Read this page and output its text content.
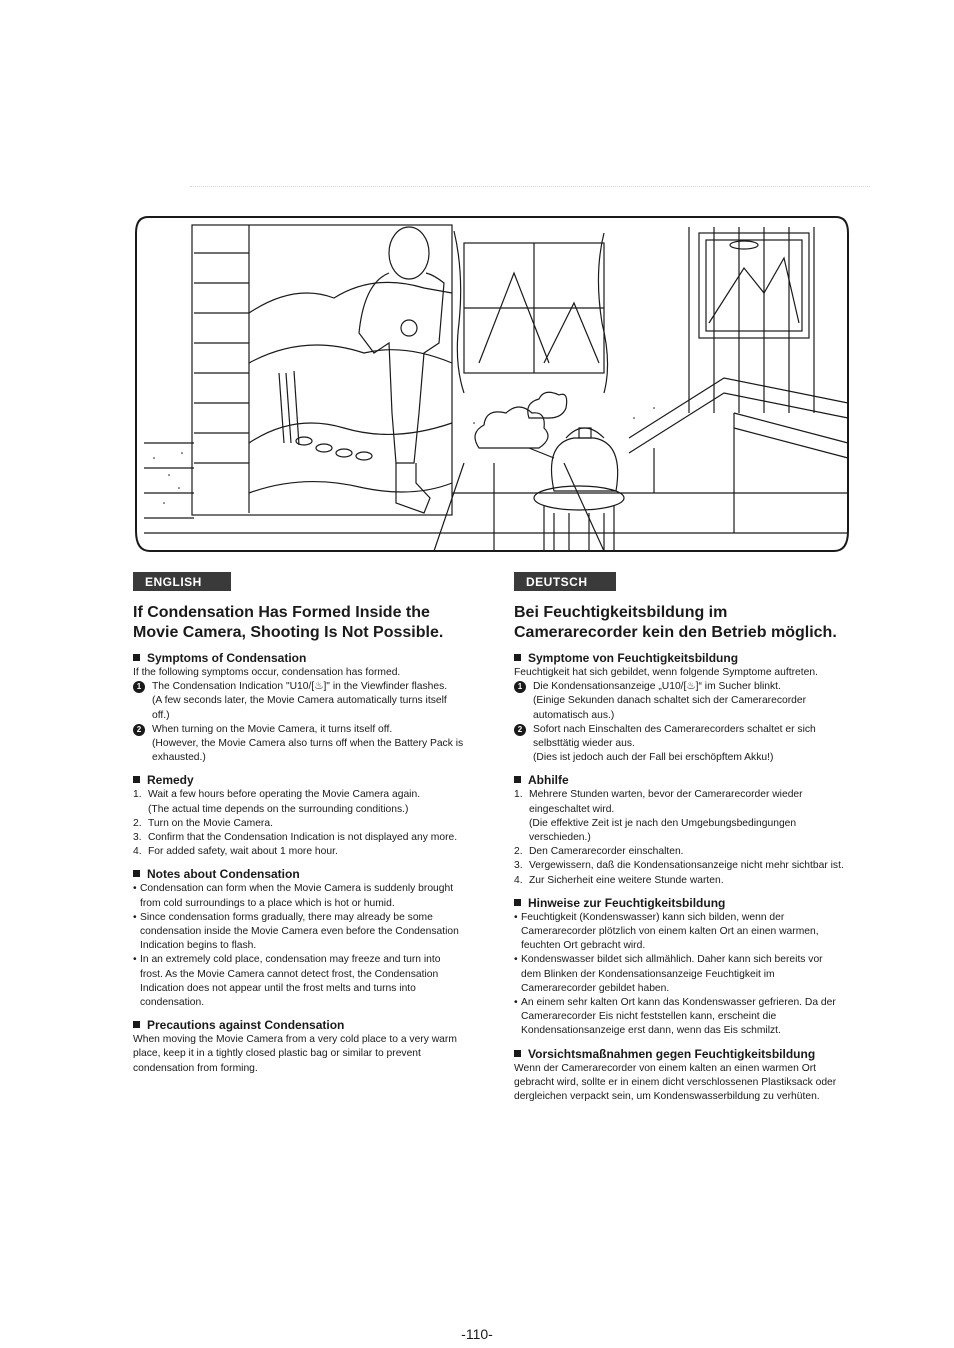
ENGLISH
If Condensation Has Formed Inside the Movie Camera, Shooting Is Not Possible.
Symptoms of Condensation
If the following symptoms occur, condensation has formed.
1	The Condensation Indication "U10/[♨]" in the Viewfinder flashes.
(A few seconds later, the Movie Camera automatically turns itself off.)
2	When turning on the Movie Camera, it turns itself off.
(However, the Movie Camera also turns off when the Battery Pack is exhausted.)
Remedy
1. Wait a few hours before operating the Movie Camera again.
(The actual time depends on the surrounding conditions.)
2. Turn on the Movie Camera.
3. Confirm that the Condensation Indication is not displayed any more.
4. For added safety, wait about 1 more hour.
Notes about Condensation
• Condensation can form when the Movie Camera is suddenly brought from cold surroundings to a place which is hot or humid.
• Since condensation forms gradually, there may already be some condensation inside the Movie Camera even before the Condensation Indication begins to flash.
• In an extremely cold place, condensation may freeze and turn into frost. As the Movie Camera cannot detect frost, the Condensation Indication does not appear until the frost melts and turns into condensation.
Precautions against Condensation
When moving the Movie Camera from a very cold place to a very warm place, keep it in a tightly closed plastic bag or similar to prevent condensation from forming.
DEUTSCH
Bei Feuchtigkeitsbildung im Camerarecorder kein den Betrieb möglich.
Symptome von Feuchtigkeitsbildung
Feuchtigkeit hat sich gebildet, wenn folgende Symptome auftreten.
1	Die Kondensationsanzeige „U10/[♨]“ im Sucher blinkt.
(Einige Sekunden danach schaltet sich der Camerarecorder automatisch aus.)
2	Sofort nach Einschalten des Camerarecorders schaltet er sich selbsttätig wieder aus.
(Dies ist jedoch auch der Fall bei erschöpftem Akku!)
Abhilfe
1. Mehrere Stunden warten, bevor der Camerarecorder wieder eingeschaltet wird.
(Die effektive Zeit ist je nach den Umgebungsbedingungen verschieden.)
2. Den Camerarecorder einschalten.
3. Vergewissern, daß die Kondensationsanzeige nicht mehr sichtbar ist.
4. Zur Sicherheit eine weitere Stunde warten.
Hinweise zur Feuchtigkeitsbildung
• Feuchtigkeit (Kondenswasser) kann sich bilden, wenn der Camerarecorder plötzlich von einem kalten Ort an einen warmen, feuchten Ort gebracht wird.
• Kondenswasser bildet sich allmählich. Daher kann sich bereits vor dem Blinken der Kondensationsanzeige Feuchtigkeit im Camerarecorder gebildet haben.
• An einem sehr kalten Ort kann das Kondenswasser gefrieren. Da der Camerarecorder Eis nicht feststellen kann, erscheint die Kondensationsanzeige erst dann, wenn das Eis schmilzt.
Vorsichtsmaßnahmen gegen Feuchtigkeitsbildung
Wenn der Camerarecorder von einem kalten an einen warmen Ort gebracht wird, sollte er in einem dicht verschlossenen Plastiksack oder dergleichen verpackt sein, um Kondenswasserbildung zu verhüten.
-110-
